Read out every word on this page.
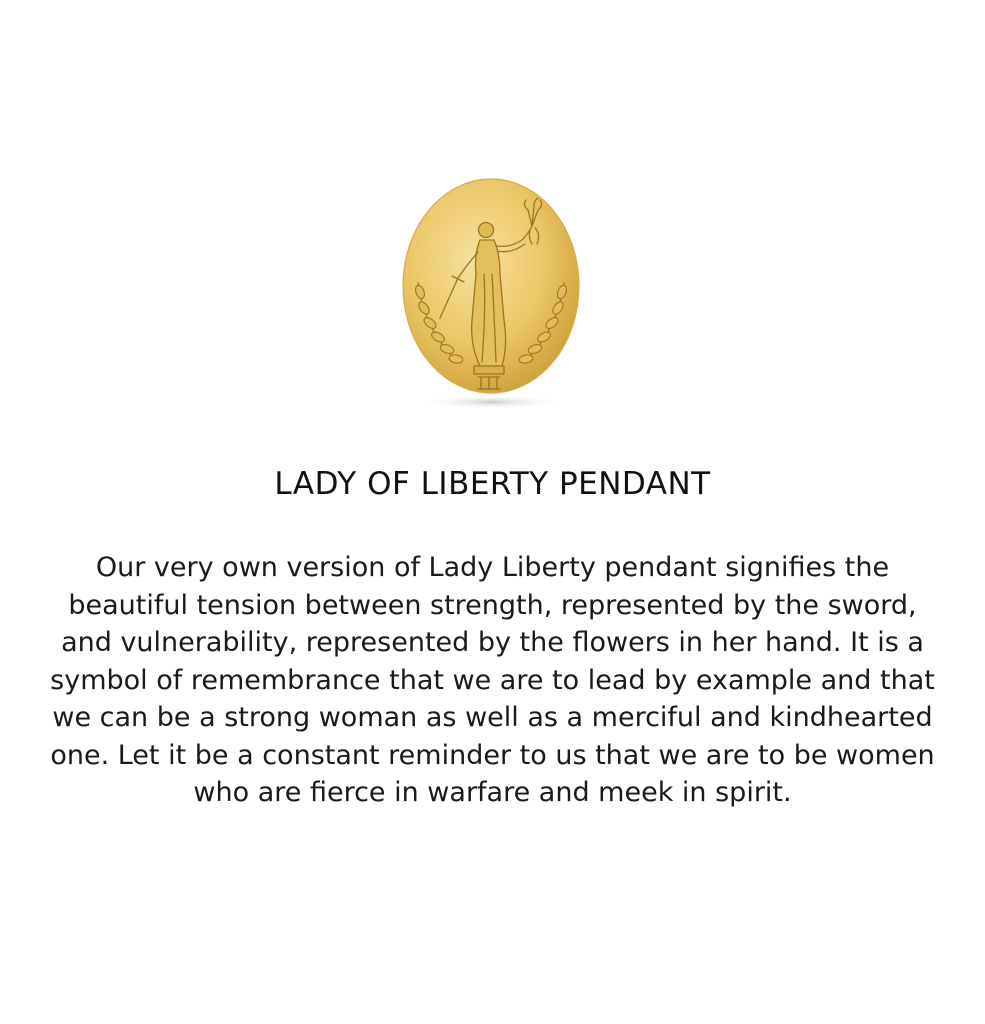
LADY OF LIBERTY PENDANT

Our very own version of Lady Liberty pendant signifies the beautiful tension between strength, represented by the sword, and vulnerability, represented by the flowers in her hand. It is a symbol of remembrance that we are to lead by example and that we can be a strong woman as well as a merciful and kindhearted one. Let it be a constant reminder to us that we are to be women who are fierce in warfare and meek in spirit.
